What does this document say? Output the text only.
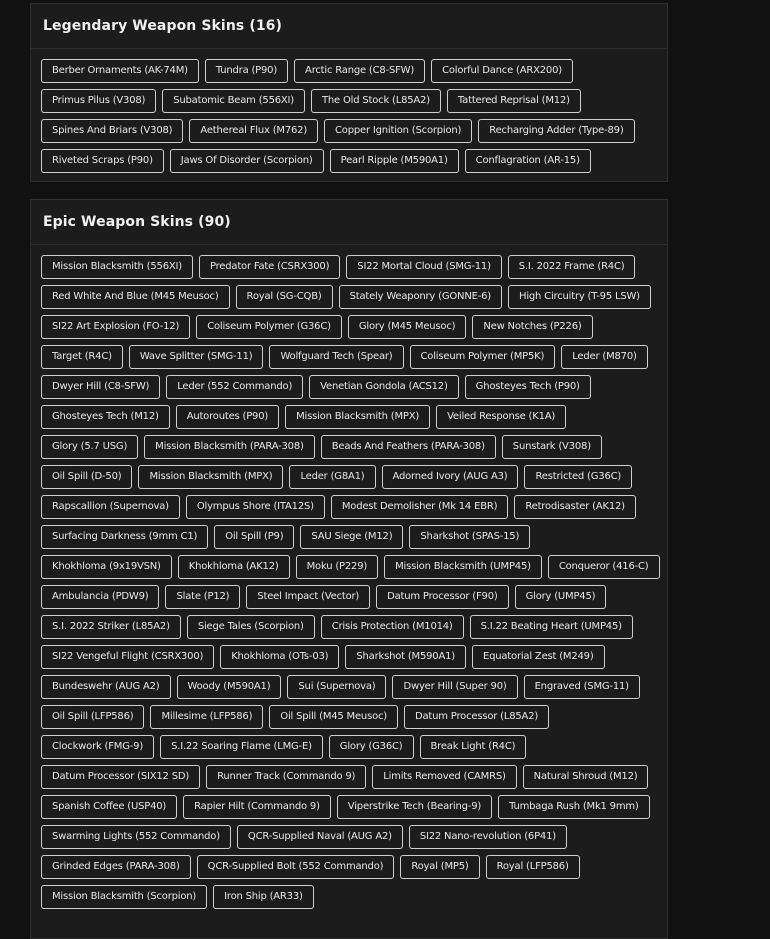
Legendary Weapon Skins (16)
Berber Ornaments (AK-74M)	Tundra (P90)	Arctic Range (C8-SFW)	Colorful Dance (ARX200)
Primus Pilus (V308)	Subatomic Beam (556XI)	The Old Stock (L85A2)	Tattered Reprisal (M12)
Spines And Briars (V308)	Aethereal Flux (M762)	Copper Ignition (Scorpion)	Recharging Adder (Type-89)
Riveted Scraps (P90)	Jaws Of Disorder (Scorpion)	Pearl Ripple (M590A1)	Conflagration (AR-15)
Epic Weapon Skins (90)
Mission Blacksmith (556XI)	Predator Fate (CSRX300)	SI22 Mortal Cloud (SMG-11)	S.I. 2022 Frame (R4C)
Red White And Blue (M45 Meusoc)	Royal (SG-CQB)	Stately Weaponry (GONNE-6)	High Circuitry (T-95 LSW)
SI22 Art Explosion (FO-12)	Coliseum Polymer (G36C)	Glory (M45 Meusoc)	New Notches (P226)
Target (R4C)	Wave Splitter (SMG-11)	Wolfguard Tech (Spear)	Coliseum Polymer (MP5K)	Leder (M870)
Dwyer Hill (C8-SFW)	Leder (552 Commando)	Venetian Gondola (ACS12)	Ghosteyes Tech (P90)
Ghosteyes Tech (M12)	Autoroutes (P90)	Mission Blacksmith (MPX)	Veiled Response (K1A)
Glory (5.7 USG)	Mission Blacksmith (PARA-308)	Beads And Feathers (PARA-308)	Sunstark (V308)
Oil Spill (D-50)	Mission Blacksmith (MPX)	Leder (G8A1)	Adorned Ivory (AUG A3)	Restricted (G36C)
Rapscallion (Supernova)	Olympus Shore (ITA12S)	Modest Demolisher (Mk 14 EBR)	Retrodisaster (AK12)
Surfacing Darkness (9mm C1)	Oil Spill (P9)	SAU Siege (M12)	Sharkshot (SPAS-15)
Khokhloma (9x19VSN)	Khokhloma (AK12)	Moku (P229)	Mission Blacksmith (UMP45)	Conqueror (416-C)
Ambulancia (PDW9)	Slate (P12)	Steel Impact (Vector)	Datum Processor (F90)	Glory (UMP45)
S.I. 2022 Striker (L85A2)	Siege Tales (Scorpion)	Crisis Protection (M1014)	S.I.22 Beating Heart (UMP45)
SI22 Vengeful Flight (CSRX300)	Khokhloma (OTs-03)	Sharkshot (M590A1)	Equatorial Zest (M249)
Bundeswehr (AUG A2)	Woody (M590A1)	Sui (Supernova)	Dwyer Hill (Super 90)	Engraved (SMG-11)
Oil Spill (LFP586)	Millesime (LFP586)	Oil Spill (M45 Meusoc)	Datum Processor (L85A2)
Clockwork (FMG-9)	S.I.22 Soaring Flame (LMG-E)	Glory (G36C)	Break Light (R4C)
Datum Processor (SIX12 SD)	Runner Track (Commando 9)	Limits Removed (CAMRS)	Natural Shroud (M12)
Spanish Coffee (USP40)	Rapier Hilt (Commando 9)	Viperstrike Tech (Bearing-9)	Tumbaga Rush (Mk1 9mm)
Swarming Lights (552 Commando)	QCR-Supplied Naval (AUG A2)	SI22 Nano-revolution (6P41)
Grinded Edges (PARA-308)	QCR-Supplied Bolt (552 Commando)	Royal (MP5)	Royal (LFP586)
Mission Blacksmith (Scorpion)	Iron Ship (AR33)
